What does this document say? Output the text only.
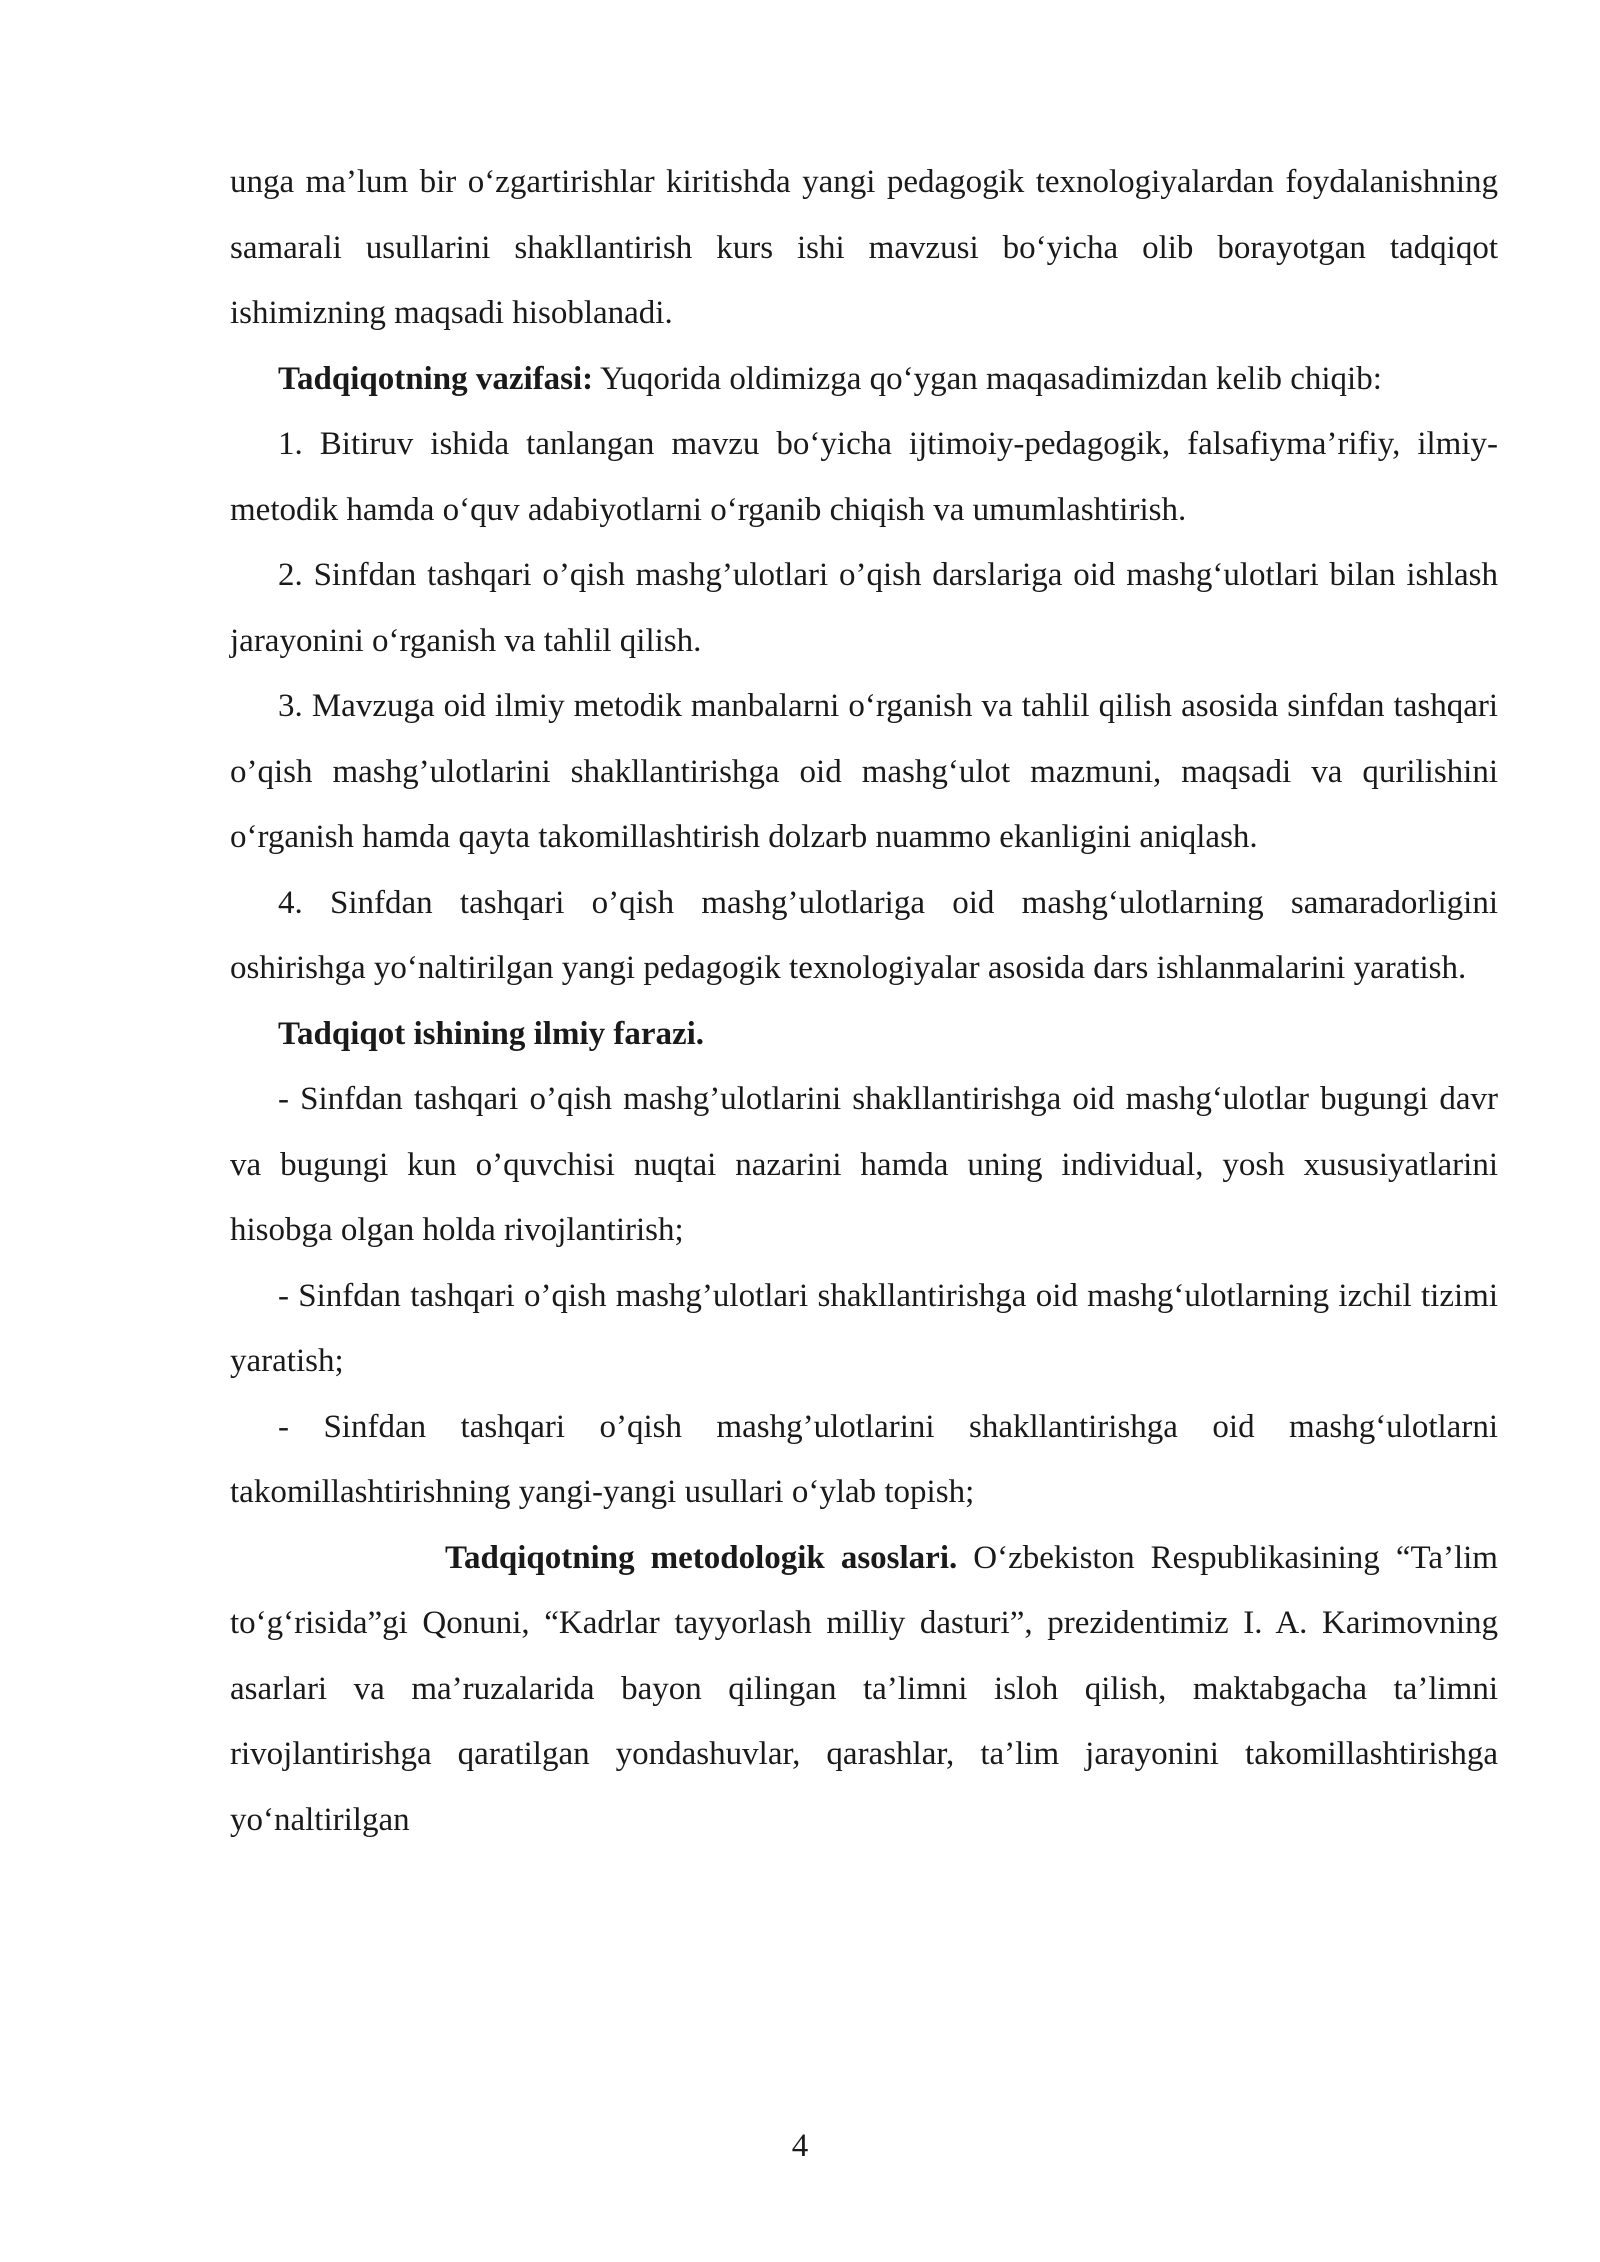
unga ma’lum bir o‘zgartirishlar kiritishda yangi pedagogik texnologiyalardan foydalanishning samarali usullarini shakllantirish kurs ishi mavzusi bo‘yicha olib borayotgan tadqiqot ishimizning maqsadi hisoblanadi.

Tadqiqotning vazifasi: Yuqorida oldimizga qo‘ygan maqasadimizdan kelib chiqib:

1. Bitiruv ishida tanlangan mavzu bo‘yicha ijtimoiy-pedagogik, falsafiyma’rifiy, ilmiy-metodik hamda o‘quv adabiyotlarni o‘rganib chiqish va umumlashtirish.

2. Sinfdan tashqari o’qish mashg’ulotlari o’qish darslariga oid mashg‘ulotlari bilan ishlash jarayonini o‘rganish va tahlil qilish.

3. Mavzuga oid ilmiy metodik manbalarni o‘rganish va tahlil qilish asosida sinfdan tashqari o’qish mashg’ulotlarini shakllantirishga oid mashg‘ulot mazmuni, maqsadi va qurilishini o‘rganish hamda qayta takomillashtirish dolzarb nuammo ekanligini aniqlash.

4. Sinfdan tashqari o’qish mashg’ulotlariga oid mashg‘ulotlarning samaradorligini oshirishga yo‘naltirilgan yangi pedagogik texnologiyalar asosida dars ishlanmalarini yaratish.

Tadqiqot ishining ilmiy farazi.

- Sinfdan tashqari o’qish mashg’ulotlarini shakllantirishga oid mashg‘ulotlar bugungi davr va bugungi kun o’quvchisi nuqtai nazarini hamda uning individual, yosh xususiyatlarini hisobga olgan holda rivojlantirish;

- Sinfdan tashqari o’qish mashg’ulotlari shakllantirishga oid mashg‘ulotlarning izchil tizimi yaratish;

- Sinfdan tashqari o’qish mashg’ulotlarini shakllantirishga oid mashg‘ulotlarni takomillashtirishning yangi-yangi usullari o‘ylab topish;

Tadqiqotning metodologik asoslari. O‘zbekiston Respublikasining “Ta’lim to‘g‘risida”gi Qonuni, “Kadrlar tayyorlash milliy dasturi”, prezidentimiz I. A. Karimovning asarlari va ma’ruzalarida bayon qilingan ta’limni isloh qilish, maktabgacha ta’limni rivojlantirishga qaratilgan yondashuvlar, qarashlar, ta’lim jarayonini takomillashtirishga yo‘naltirilgan

4
